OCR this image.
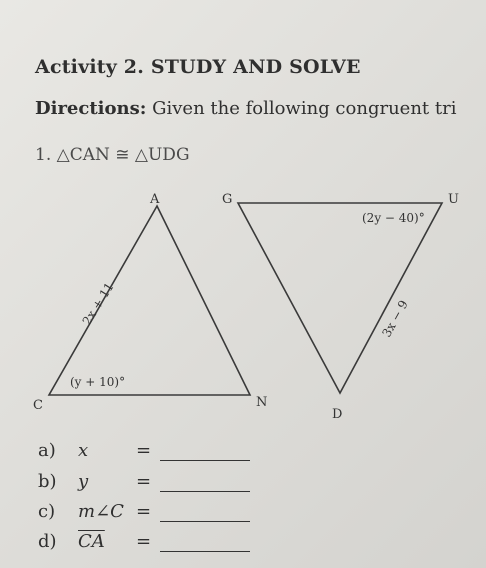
Activity 2. STUDY AND SOLVE
Directions: Given the following congruent tri
1. △CAN ≅ △UDG
A
C	N
G	U
D
2x + 11
(y + 10)°
(2y − 40)°
3x − 9
a) x	=
b) y	=
c) m∠C =
d) $\overline{CA}$ =
